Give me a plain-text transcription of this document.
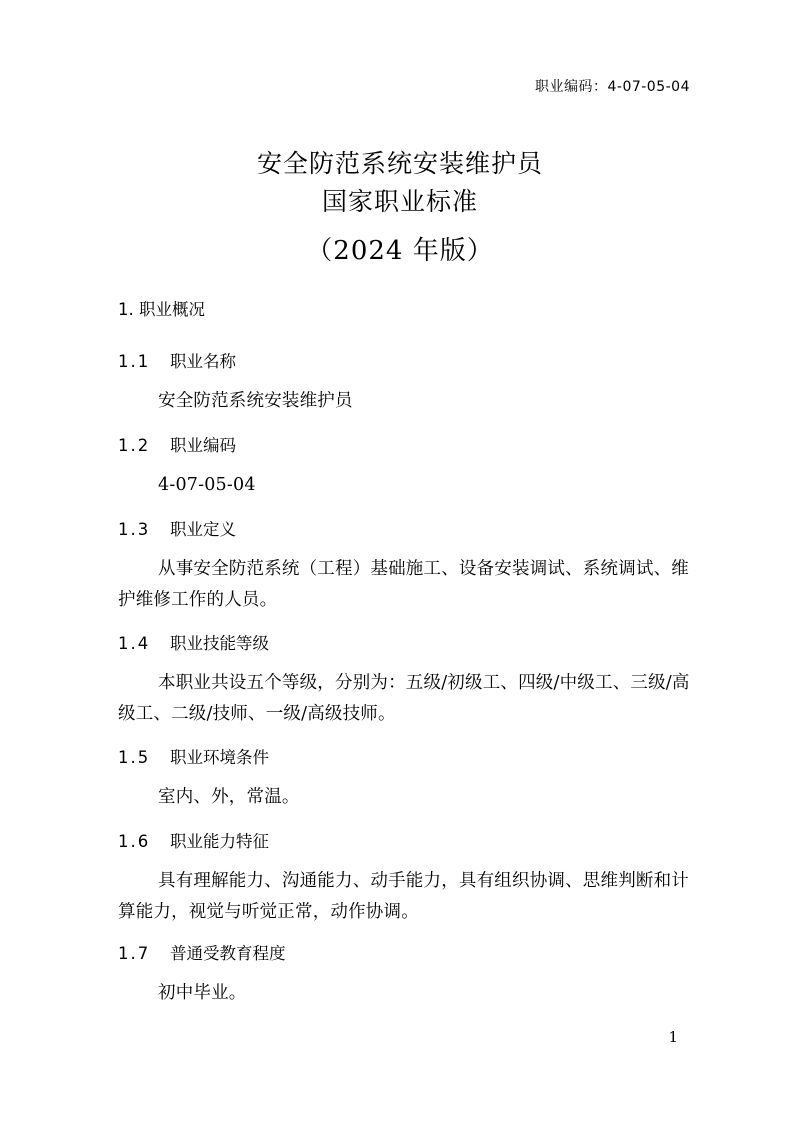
职业编码：4-07-05-04
安全防范系统安装维护员
国家职业标准
（2024 年版）
1. 职业概况
1.1 职业名称
安全防范系统安装维护员
1.2 职业编码
4-07-05-04
1.3 职业定义
从事安全防范系统（工程）基础施工、设备安装调试、系统调试、维护维修工作的人员。
1.4 职业技能等级
本职业共设五个等级，分别为：五级/初级工、四级/中级工、三级/高级工、二级/技师、一级/高级技师。
1.5 职业环境条件
室内、外，常温。
1.6 职业能力特征
具有理解能力、沟通能力、动手能力，具有组织协调、思维判断和计算能力，视觉与听觉正常，动作协调。
1.7 普通受教育程度
初中毕业。
1
